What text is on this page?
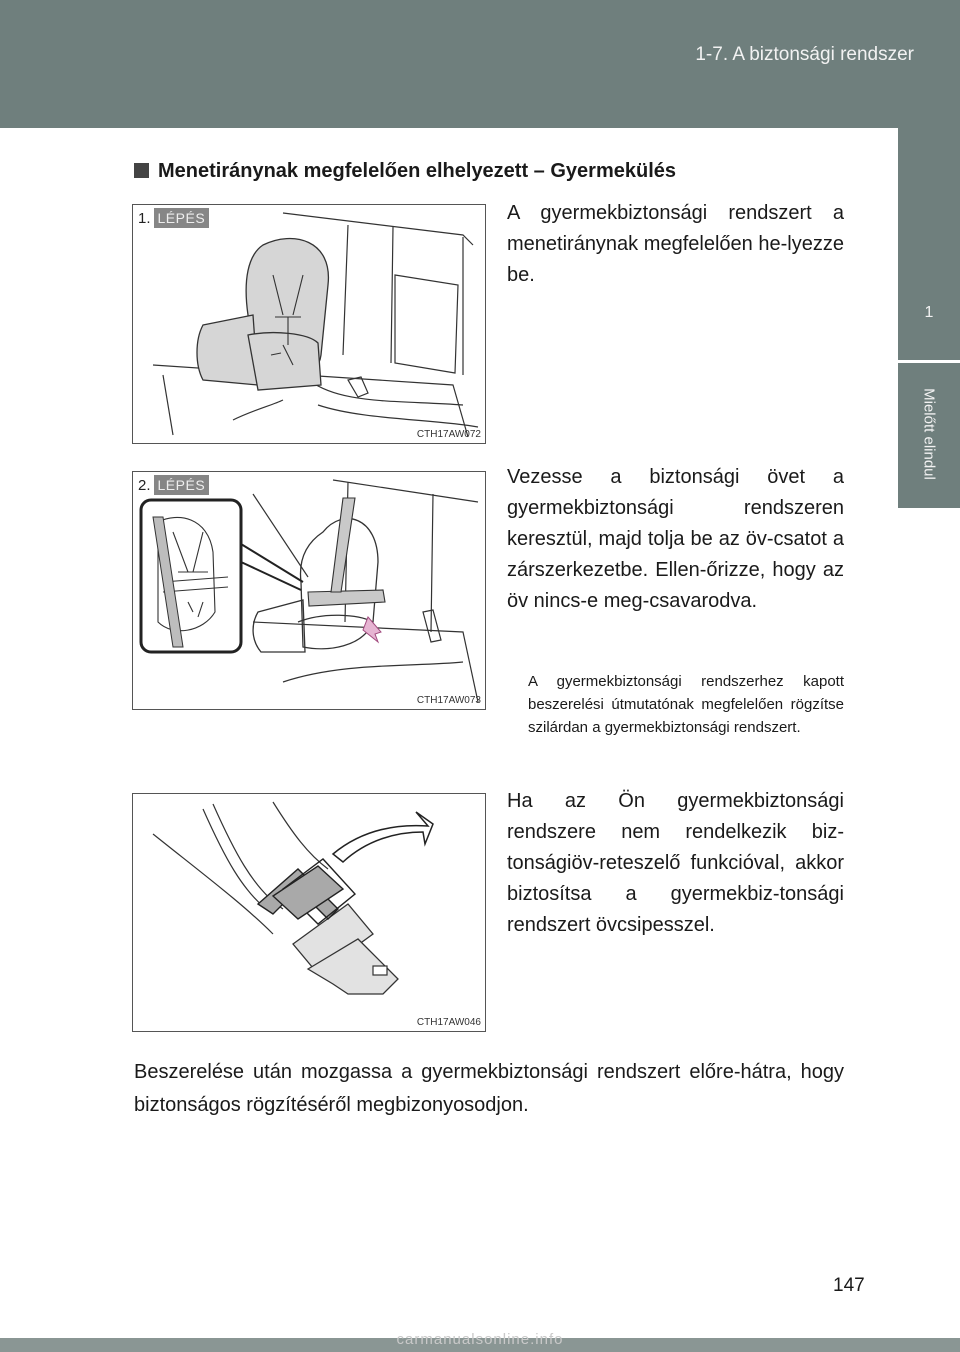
1-7. A biztonsági rendszer
1
Mielőtt elindul
Menetiránynak megfelelően elhelyezett – Gyermekülés
1. LÉPÉS
CTH17AW072
2. LÉPÉS
CTH17AW073
CTH17AW046
A gyermekbiztonsági rendszert a menetiránynak megfelelően he-lyezze be.
Vezesse a biztonsági övet a gyermekbiztonsági rendszeren keresztül, majd tolja be az öv-csatot a zárszerkezetbe. Ellen-őrizze, hogy az öv nincs-e meg-csavarodva.
A gyermekbiztonsági rendszerhez kapott beszerelési útmutatónak megfelelően rögzítse szilárdan a gyermekbiztonsági rendszert.
Ha az Ön gyermekbiztonsági rendszere nem rendelkezik biz-tonságiöv-reteszelő funkcióval, akkor biztosítsa a gyermekbiz-tonsági rendszert övcsipesszel.
Beszerelése után mozgassa a gyermekbiztonsági rendszert előre-hátra, hogy biztonságos rögzítéséről megbizonyosodjon.
147
carmanualsonline.info
